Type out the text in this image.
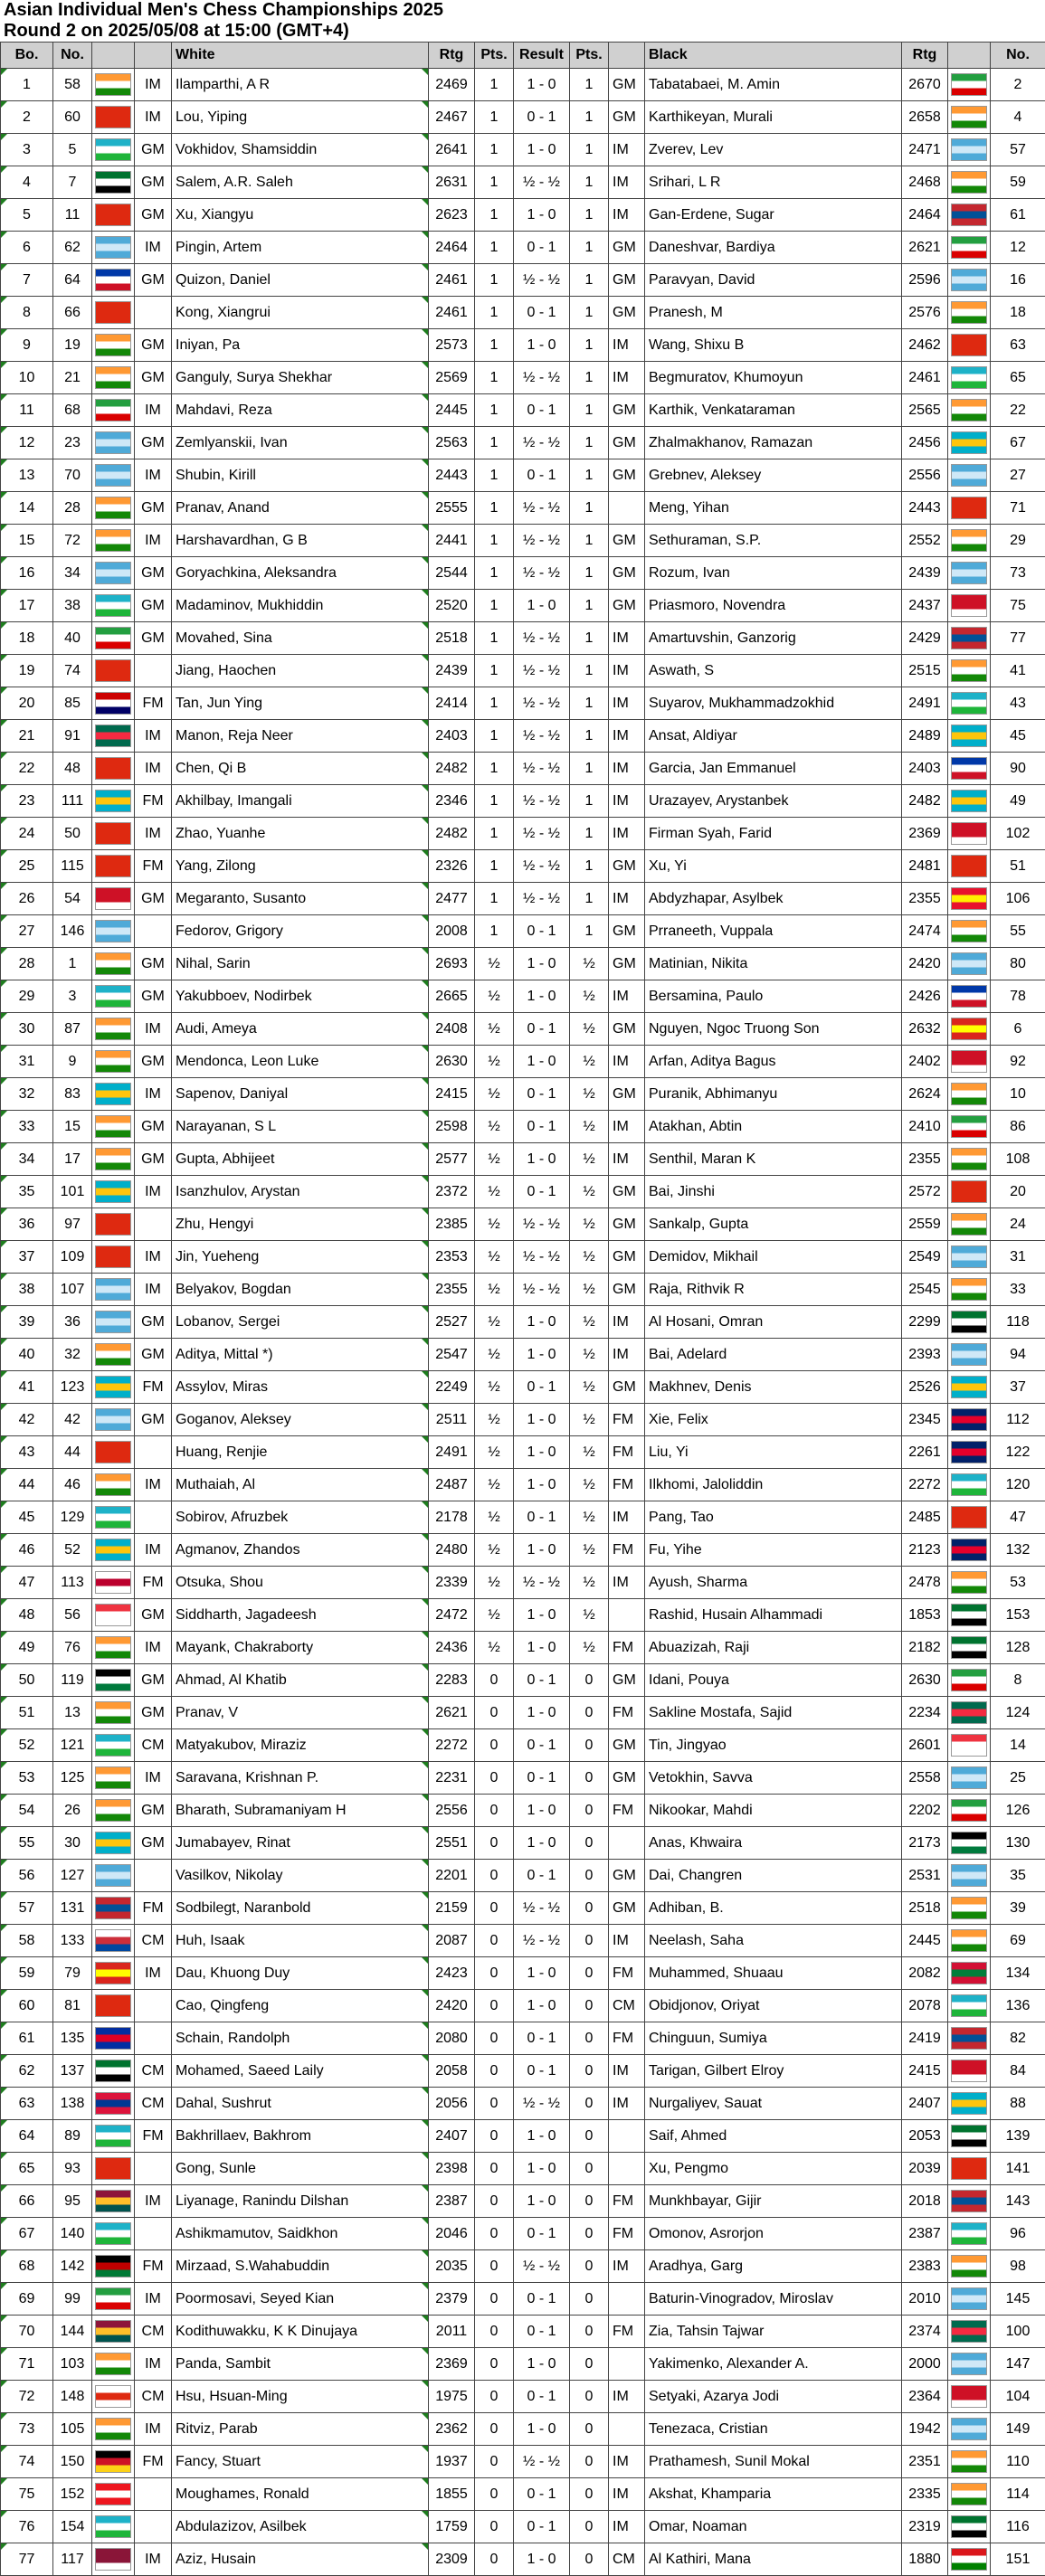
Asian Individual Men's Chess Championships 2025
Round 2 on 2025/05/08 at 15:00 (GMT+4)
Bo.	No.			White	Rtg	Pts.	Result	Pts.		Black	Rtg		No.
1	58		IM	Ilamparthi, A R	2469	1	1 - 0	1	GM	Tabatabaei, M. Amin	2670		2
2	60		IM	Lou, Yiping	2467	1	0 - 1	1	GM	Karthikeyan, Murali	2658		4
3	5		GM	Vokhidov, Shamsiddin	2641	1	1 - 0	1	IM	Zverev, Lev	2471		57
4	7		GM	Salem, A.R. Saleh	2631	1	½ - ½	1	IM	Srihari, L R	2468		59
5	11		GM	Xu, Xiangyu	2623	1	1 - 0	1	IM	Gan-Erdene, Sugar	2464		61
6	62		IM	Pingin, Artem	2464	1	0 - 1	1	GM	Daneshvar, Bardiya	2621		12
7	64		GM	Quizon, Daniel	2461	1	½ - ½	1	GM	Paravyan, David	2596		16
8	66			Kong, Xiangrui	2461	1	0 - 1	1	GM	Pranesh, M	2576		18
9	19		GM	Iniyan, Pa	2573	1	1 - 0	1	IM	Wang, Shixu B	2462		63
10	21		GM	Ganguly, Surya Shekhar	2569	1	½ - ½	1	IM	Begmuratov, Khumoyun	2461		65
11	68		IM	Mahdavi, Reza	2445	1	0 - 1	1	GM	Karthik, Venkataraman	2565		22
12	23		GM	Zemlyanskii, Ivan	2563	1	½ - ½	1	GM	Zhalmakhanov, Ramazan	2456		67
13	70		IM	Shubin, Kirill	2443	1	0 - 1	1	GM	Grebnev, Aleksey	2556		27
14	28		GM	Pranav, Anand	2555	1	½ - ½	1		Meng, Yihan	2443		71
15	72		IM	Harshavardhan, G B	2441	1	½ - ½	1	GM	Sethuraman, S.P.	2552		29
16	34		GM	Goryachkina, Aleksandra	2544	1	½ - ½	1	GM	Rozum, Ivan	2439		73
17	38		GM	Madaminov, Mukhiddin	2520	1	1 - 0	1	GM	Priasmoro, Novendra	2437		75
18	40		GM	Movahed, Sina	2518	1	½ - ½	1	IM	Amartuvshin, Ganzorig	2429		77
19	74			Jiang, Haochen	2439	1	½ - ½	1	IM	Aswath, S	2515		41
20	85		FM	Tan, Jun Ying	2414	1	½ - ½	1	IM	Suyarov, Mukhammadzokhid	2491		43
21	91		IM	Manon, Reja Neer	2403	1	½ - ½	1	IM	Ansat, Aldiyar	2489		45
22	48		IM	Chen, Qi B	2482	1	½ - ½	1	IM	Garcia, Jan Emmanuel	2403		90
23	111		FM	Akhilbay, Imangali	2346	1	½ - ½	1	IM	Urazayev, Arystanbek	2482		49
24	50		IM	Zhao, Yuanhe	2482	1	½ - ½	1	IM	Firman Syah, Farid	2369		102
25	115		FM	Yang, Zilong	2326	1	½ - ½	1	GM	Xu, Yi	2481		51
26	54		GM	Megaranto, Susanto	2477	1	½ - ½	1	IM	Abdyzhapar, Asylbek	2355		106
27	146			Fedorov, Grigory	2008	1	0 - 1	1	GM	Prraneeth, Vuppala	2474		55
28	1		GM	Nihal, Sarin	2693	½	1 - 0	½	GM	Matinian, Nikita	2420		80
29	3		GM	Yakubboev, Nodirbek	2665	½	1 - 0	½	IM	Bersamina, Paulo	2426		78
30	87		IM	Audi, Ameya	2408	½	0 - 1	½	GM	Nguyen, Ngoc Truong Son	2632		6
31	9		GM	Mendonca, Leon Luke	2630	½	1 - 0	½	IM	Arfan, Aditya Bagus	2402		92
32	83		IM	Sapenov, Daniyal	2415	½	0 - 1	½	GM	Puranik, Abhimanyu	2624		10
33	15		GM	Narayanan, S L	2598	½	0 - 1	½	IM	Atakhan, Abtin	2410		86
34	17		GM	Gupta, Abhijeet	2577	½	1 - 0	½	IM	Senthil, Maran K	2355		108
35	101		IM	Isanzhulov, Arystan	2372	½	0 - 1	½	GM	Bai, Jinshi	2572		20
36	97			Zhu, Hengyi	2385	½	½ - ½	½	GM	Sankalp, Gupta	2559		24
37	109		IM	Jin, Yueheng	2353	½	½ - ½	½	GM	Demidov, Mikhail	2549		31
38	107		IM	Belyakov, Bogdan	2355	½	½ - ½	½	GM	Raja, Rithvik R	2545		33
39	36		GM	Lobanov, Sergei	2527	½	1 - 0	½	IM	Al Hosani, Omran	2299		118
40	32		GM	Aditya, Mittal *)	2547	½	1 - 0	½	IM	Bai, Adelard	2393		94
41	123		FM	Assylov, Miras	2249	½	0 - 1	½	GM	Makhnev, Denis	2526		37
42	42		GM	Goganov, Aleksey	2511	½	1 - 0	½	FM	Xie, Felix	2345		112
43	44			Huang, Renjie	2491	½	1 - 0	½	FM	Liu, Yi	2261		122
44	46		IM	Muthaiah, Al	2487	½	1 - 0	½	FM	Ilkhomi, Jaloliddin	2272		120
45	129			Sobirov, Afruzbek	2178	½	0 - 1	½	IM	Pang, Tao	2485		47
46	52		IM	Agmanov, Zhandos	2480	½	1 - 0	½	FM	Fu, Yihe	2123		132
47	113		FM	Otsuka, Shou	2339	½	½ - ½	½	IM	Ayush, Sharma	2478		53
48	56		GM	Siddharth, Jagadeesh	2472	½	1 - 0	½		Rashid, Husain Alhammadi	1853		153
49	76		IM	Mayank, Chakraborty	2436	½	1 - 0	½	FM	Abuazizah, Raji	2182		128
50	119		GM	Ahmad, Al Khatib	2283	0	0 - 1	0	GM	Idani, Pouya	2630		8
51	13		GM	Pranav, V	2621	0	1 - 0	0	FM	Sakline Mostafa, Sajid	2234		124
52	121		CM	Matyakubov, Miraziz	2272	0	0 - 1	0	GM	Tin, Jingyao	2601		14
53	125		IM	Saravana, Krishnan P.	2231	0	0 - 1	0	GM	Vetokhin, Savva	2558		25
54	26		GM	Bharath, Subramaniyam H	2556	0	1 - 0	0	FM	Nikookar, Mahdi	2202		126
55	30		GM	Jumabayev, Rinat	2551	0	1 - 0	0		Anas, Khwaira	2173		130
56	127			Vasilkov, Nikolay	2201	0	0 - 1	0	GM	Dai, Changren	2531		35
57	131		FM	Sodbilegt, Naranbold	2159	0	½ - ½	0	GM	Adhiban, B.	2518		39
58	133		CM	Huh, Isaak	2087	0	½ - ½	0	IM	Neelash, Saha	2445		69
59	79		IM	Dau, Khuong Duy	2423	0	1 - 0	0	FM	Muhammed, Shuaau	2082		134
60	81			Cao, Qingfeng	2420	0	1 - 0	0	CM	Obidjonov, Oriyat	2078		136
61	135			Schain, Randolph	2080	0	0 - 1	0	FM	Chinguun, Sumiya	2419		82
62	137		CM	Mohamed, Saeed Laily	2058	0	0 - 1	0	IM	Tarigan, Gilbert Elroy	2415		84
63	138		CM	Dahal, Sushrut	2056	0	½ - ½	0	IM	Nurgaliyev, Sauat	2407		88
64	89		FM	Bakhrillaev, Bakhrom	2407	0	1 - 0	0		Saif, Ahmed	2053		139
65	93			Gong, Sunle	2398	0	1 - 0	0		Xu, Pengmo	2039		141
66	95		IM	Liyanage, Ranindu Dilshan	2387	0	1 - 0	0	FM	Munkhbayar, Gijir	2018		143
67	140			Ashikmamutov, Saidkhon	2046	0	0 - 1	0	FM	Omonov, Asrorjon	2387		96
68	142		FM	Mirzaad, S.Wahabuddin	2035	0	½ - ½	0	IM	Aradhya, Garg	2383		98
69	99		IM	Poormosavi, Seyed Kian	2379	0	0 - 1	0		Baturin-Vinogradov, Miroslav	2010		145
70	144		CM	Kodithuwakku, K K Dinujaya	2011	0	0 - 1	0	FM	Zia, Tahsin Tajwar	2374		100
71	103		IM	Panda, Sambit	2369	0	1 - 0	0		Yakimenko, Alexander A.	2000		147
72	148		CM	Hsu, Hsuan-Ming	1975	0	0 - 1	0	IM	Setyaki, Azarya Jodi	2364		104
73	105		IM	Ritviz, Parab	2362	0	1 - 0	0		Tenezaca, Cristian	1942		149
74	150		FM	Fancy, Stuart	1937	0	½ - ½	0	IM	Prathamesh, Sunil Mokal	2351		110
75	152			Moughames, Ronald	1855	0	0 - 1	0	IM	Akshat, Khamparia	2335		114
76	154			Abdulazizov, Asilbek	1759	0	0 - 1	0	IM	Omar, Noaman	2319		116
77	117		IM	Aziz, Husain	2309	0	1 - 0	0	CM	Al Kathiri, Mana	1880		151
